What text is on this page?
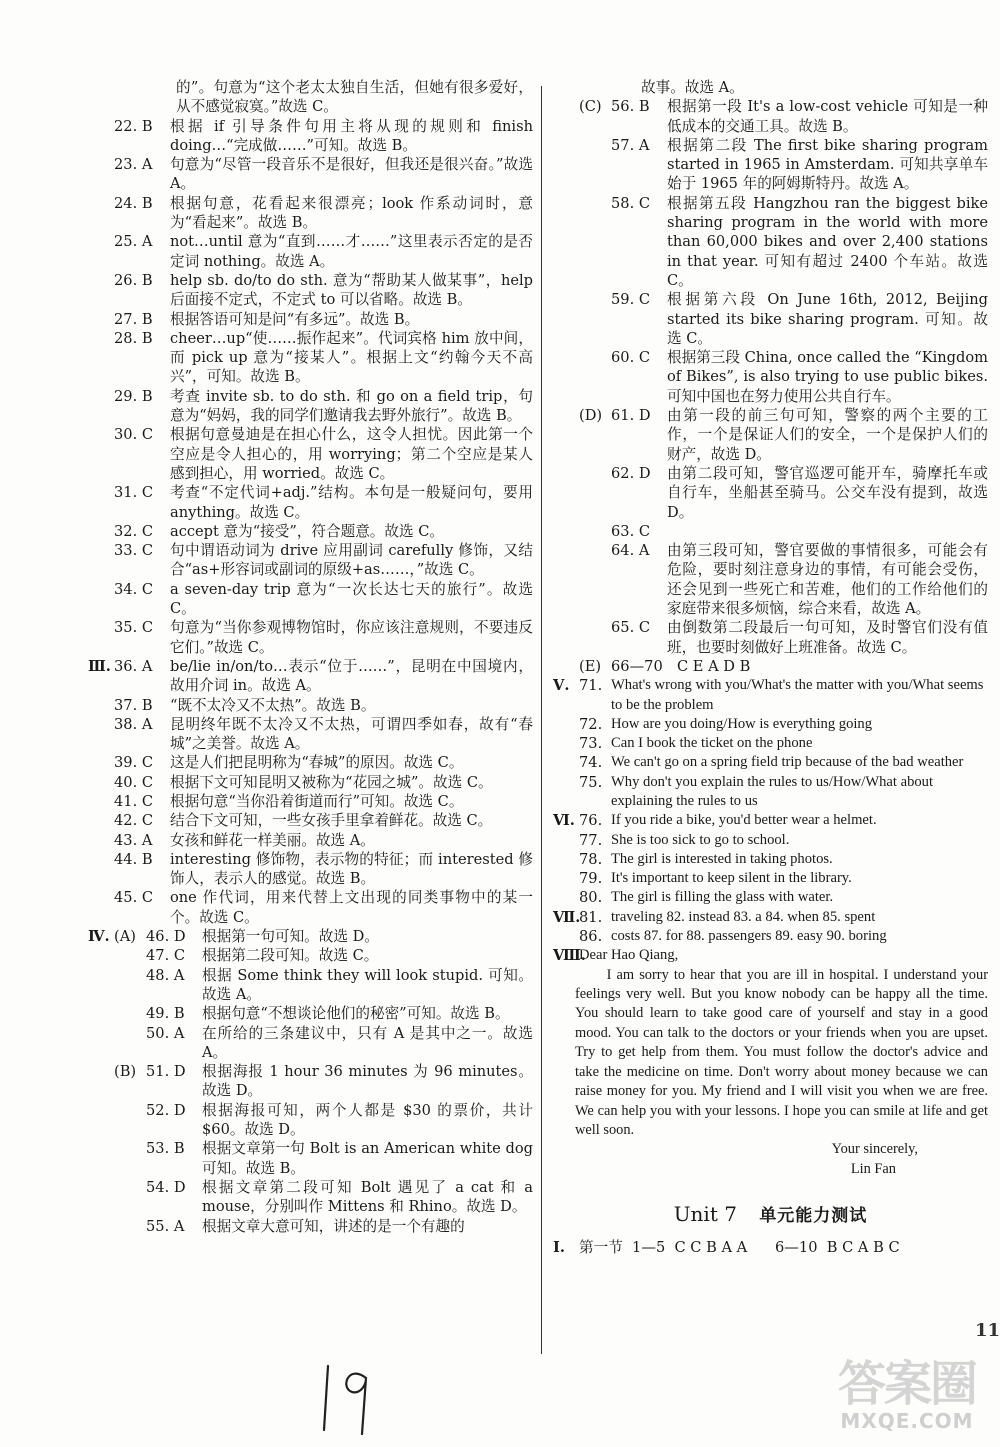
的”。句意为“这个老太太独自生活，但她有很多爱好，从不感觉寂寞。”故选 C。
22. B	根据 if 引导条件句用主将从现的规则和 finish doing…“完成做……”可知。故选 B。
23. A	句意为“尽管一段音乐不是很好，但我还是很兴奋。”故选 A。
24. B	根据句意，花看起来很漂亮；look 作系动词时，意为“看起来”。故选 B。
25. A	not…until 意为“直到……才……”这里表示否定的是否定词 nothing。故选 A。
26. B	help sb. do/to do sth. 意为“帮助某人做某事”，help 后面接不定式，不定式 to 可以省略。故选 B。
27. B	根据答语可知是问“有多远”。故选 B。
28. B	cheer…up“使……振作起来”。代词宾格 him 放中间，而 pick up 意为“接某人”。根据上文“约翰今天不高兴”，可知。故选 B。
29. B	考查 invite sb. to do sth. 和 go on a field trip，句意为“妈妈，我的同学们邀请我去野外旅行”。故选 B。
30. C	根据句意曼迪是在担心什么，这令人担忧。因此第一个空应是令人担心的，用 worrying；第二个空应是某人感到担心，用 worried。故选 C。
31. C	考查“不定代词+adj.”结构。本句是一般疑问句，要用 anything。故选 C。
32. C	accept 意为“接受”，符合题意。故选 C。
33. C	句中谓语动词为 drive 应用副词 carefully 修饰，又结合“as+形容词或副词的原级+as……，”故选 C。
34. C	a seven-day trip 意为“一次长达七天的旅行”。故选 C。
35. C	句意为“当你参观博物馆时，你应该注意规则，不要违反它们。”故选 C。
Ⅲ. 36. A	be/lie in/on/to…表示“位于……”，昆明在中国境内，故用介词 in。故选 A。
37. B	“既不太冷又不太热”。故选 B。
38. A	昆明终年既不太冷又不太热，可谓四季如春，故有“春城”之美誉。故选 A。
39. C	这是人们把昆明称为“春城”的原因。故选 C。
40. C	根据下文可知昆明又被称为“花园之城”。故选 C。
41. C	根据句意“当你沿着街道而行”可知。故选 C。
42. C	结合下文可知，一些女孩手里拿着鲜花。故选 C。
43. A	女孩和鲜花一样美丽。故选 A。
44. B	interesting 修饰物，表示物的特征；而 interested 修饰人，表示人的感觉。故选 B。
45. C	one 作代词，用来代替上文出现的同类事物中的某一个。故选 C。
Ⅳ. (A) 46. D	根据第一句可知。故选 D。
47. C	根据第二段可知。故选 C。
48. A	根据 Some think they will look stupid. 可知。故选 A。
49. B	根据句意“不想谈论他们的秘密”可知。故选 B。
50. A	在所给的三条建议中，只有 A 是其中之一。故选 A。
(B) 51. D	根据海报 1 hour 36 minutes 为 96 minutes。故选 D。
52. D	根据海报可知，两个人都是 $30 的票价，共计 $60。故选 D。
53. B	根据文章第一句 Bolt is an American white dog 可知。故选 B。
54. D	根据文章第二段可知 Bolt 遇见了 a cat 和 a mouse，分别叫作 Mittens 和 Rhino。故选 D。
55. A	根据文章大意可知，讲述的是一个有趣的
故事。故选 A。
(C) 56. B	根据第一段 It's a low-cost vehicle 可知是一种低成本的交通工具。故选 B。
57. A	根据第二段 The first bike sharing program started in 1965 in Amsterdam. 可知共享单车始于 1965 年的阿姆斯特丹。故选 A。
58. C	根据第五段 Hangzhou ran the biggest bike sharing program in the world with more than 60,000 bikes and over 2,400 stations in that year. 可知有超过 2400 个车站。故选 C。
59. C	根据第六段 On June 16th, 2012, Beijing started its bike sharing program. 可知。故选 C。
60. C	根据第三段 China, once called the “Kingdom of Bikes”, is also trying to use public bikes. 可知中国也在努力使用公共自行车。
(D) 61. D	由第一段的前三句可知，警察的两个主要的工作，一个是保证人们的安全，一个是保护人们的财产，故选 D。
62. D	由第二段可知，警官巡逻可能开车，骑摩托车或自行车，坐船甚至骑马。公交车没有提到，故选 D。
63. C
64. A	由第三段可知，警官要做的事情很多，可能会有危险，要时刻注意身边的事情，有可能会受伤，还会见到一些死亡和苦难，他们的工作给他们的家庭带来很多烦恼，综合来看，故选 A。
65. C	由倒数第二段最后一句可知，及时警官们没有值班，也要时刻做好上班准备。故选 C。
(E) 66—70 C E A D B
Ⅴ. 71. What's wrong with you/What's the matter with you/What seems to be the problem
72. How are you doing/How is everything going
73. Can I book the ticket on the phone
74. We can't go on a spring field trip because of the bad weather
75. Why don't you explain the rules to us/How/What about explaining the rules to us
Ⅵ. 76. If you ride a bike, you'd better wear a helmet.
77. She is too sick to go to school.
78. The girl is interested in taking photos.
79. It's important to keep silent in the library.
80. The girl is filling the glass with water.
Ⅶ.
81. traveling 82. instead 83. a 84. when 85. spent
86. costs 87. for 88. passengers 89. easy 90. boring
Ⅷ.
Dear Hao Qiang,

I am sorry to hear that you are ill in hospital. I understand your feelings very well. But you know nobody can be happy all the time. You should learn to take good care of yourself and stay in a good mood. You can talk to the doctors or your friends when you are upset. Try to get help from them. You must follow the doctor's advice and take the medicine on time. Don't worry about money because we can raise money for you. My friend and I will visit you when we are free. We can help you with your lessons. I hope you can smile at life and get well soon.

Your sincerely,
Lin Fan
Unit 7 单元能力测试
Ⅰ. 第一节  1—5  C C B A A      6—10  B C A B C
11
答案圈
MXQE.COM
